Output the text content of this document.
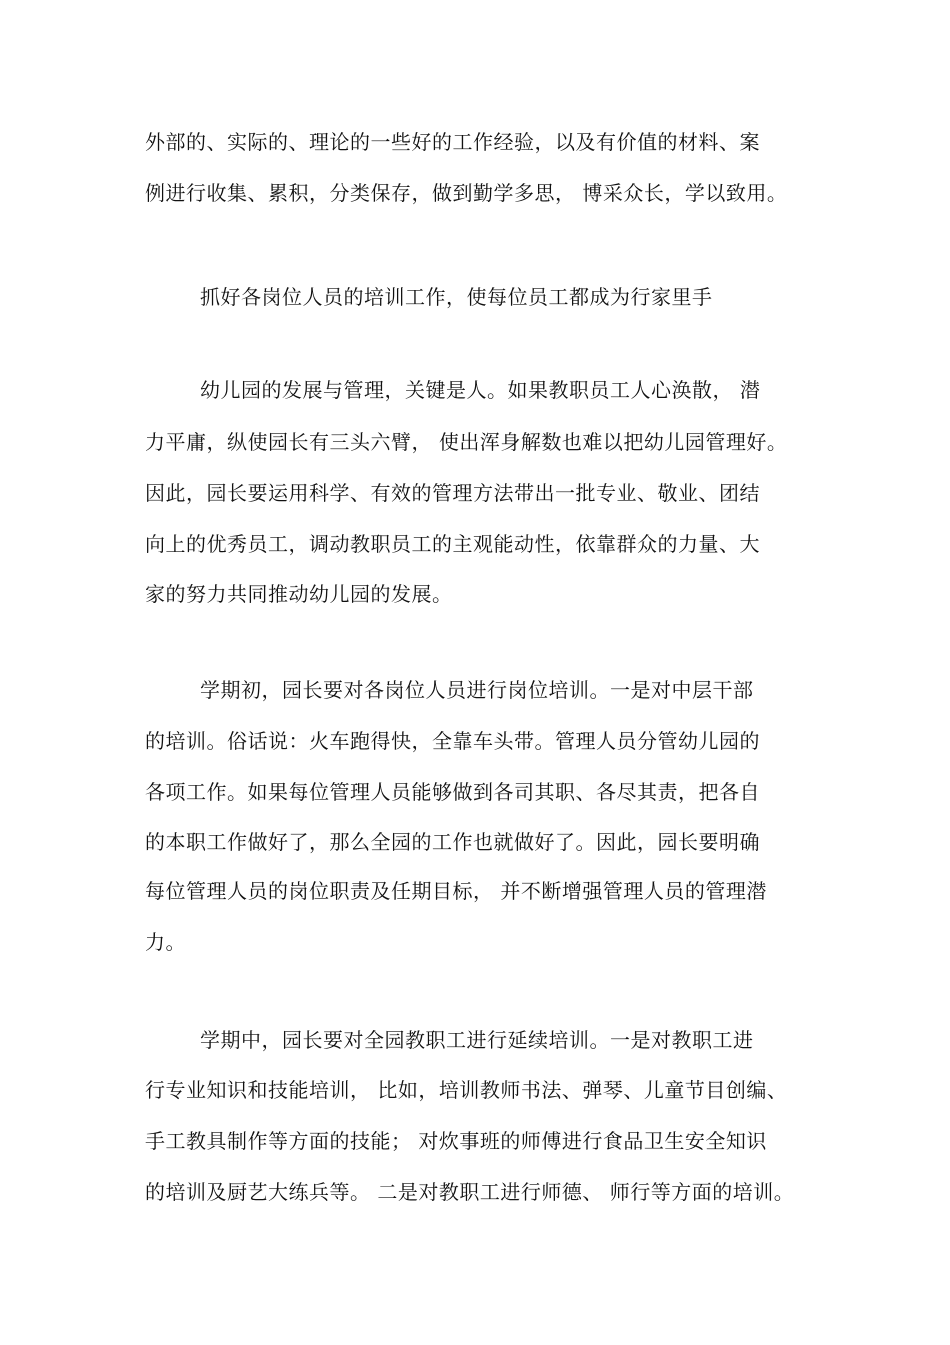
外部的、实际的、理论的一些好的工作经验，以及有价值的材料、案
例进行收集、累积，分类保存，做到勤学多思， 博采众长，学以致用。
抓好各岗位人员的培训工作，使每位员工都成为行家里手
幼儿园的发展与管理，关键是人。如果教职员工人心涣散， 潜
力平庸，纵使园长有三头六臂， 使出浑身解数也难以把幼儿园管理好。
因此，园长要运用科学、有效的管理方法带出一批专业、敬业、团结
向上的优秀员工，调动教职员工的主观能动性，依靠群众的力量、大
家的努力共同推动幼儿园的发展。
学期初，园长要对各岗位人员进行岗位培训。一是对中层干部
的培训。俗话说：火车跑得快，全靠车头带。管理人员分管幼儿园的
各项工作。如果每位管理人员能够做到各司其职、各尽其责，把各自
的本职工作做好了，那么全园的工作也就做好了。因此，园长要明确
每位管理人员的岗位职责及任期目标， 并不断增强管理人员的管理潜
力。
学期中，园长要对全园教职工进行延续培训。一是对教职工进
行专业知识和技能培训， 比如，培训教师书法、弹琴、儿童节目创编、
手工教具制作等方面的技能； 对炊事班的师傅进行食品卫生安全知识
的培训及厨艺大练兵等。 二是对教职工进行师德、 师行等方面的培训。
